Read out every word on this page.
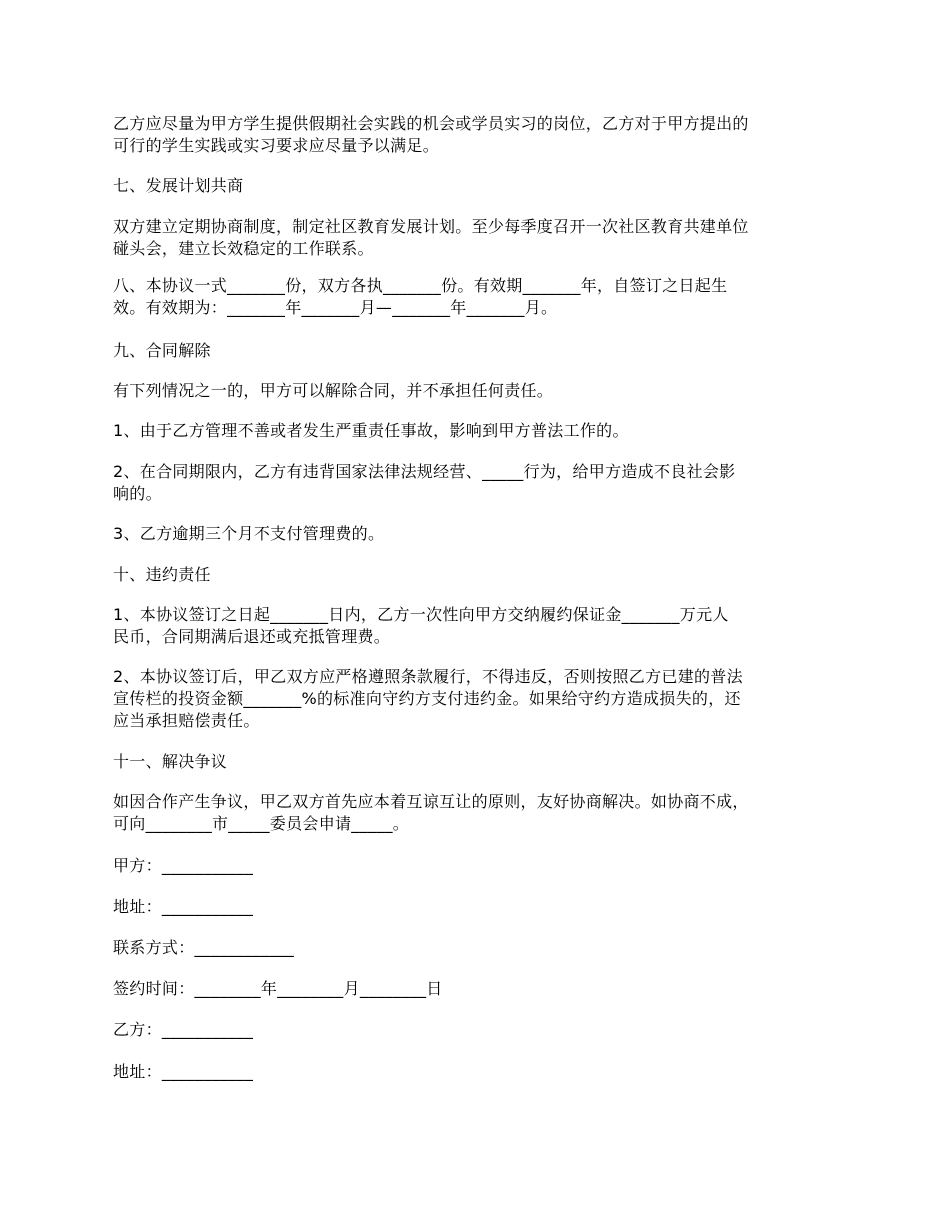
乙方应尽量为甲方学生提供假期社会实践的机会或学员实习的岗位，乙方对于甲方提出的
可行的学生实践或实习要求应尽量予以满足。

七、发展计划共商

双方建立定期协商制度，制定社区教育发展计划。至少每季度召开一次社区教育共建单位
碰头会，建立长效稳定的工作联系。

八、本协议一式_______份，双方各执_______份。有效期_______年，自签订之日起生
效。有效期为：_______年_______月—_______年_______月。

九、合同解除

有下列情况之一的，甲方可以解除合同，并不承担任何责任。

1、由于乙方管理不善或者发生严重责任事故，影响到甲方普法工作的。

2、在合同期限内，乙方有违背国家法律法规经营、_____行为，给甲方造成不良社会影
响的。

3、乙方逾期三个月不支付管理费的。

十、违约责任

1、本协议签订之日起_______日内，乙方一次性向甲方交纳履约保证金_______万元人
民币，合同期满后退还或充抵管理费。

2、本协议签订后，甲乙双方应严格遵照条款履行，不得违反，否则按照乙方已建的普法
宣传栏的投资金额_______%的标准向守约方支付违约金。如果给守约方造成损失的，还
应当承担赔偿责任。

十一、解决争议

如因合作产生争议，甲乙双方首先应本着互谅互让的原则，友好协商解决。如协商不成，
可向________市_____委员会申请_____。

甲方：___________

地址：___________

联系方式：____________

签约时间：________年________月________日

乙方：___________

地址：___________
